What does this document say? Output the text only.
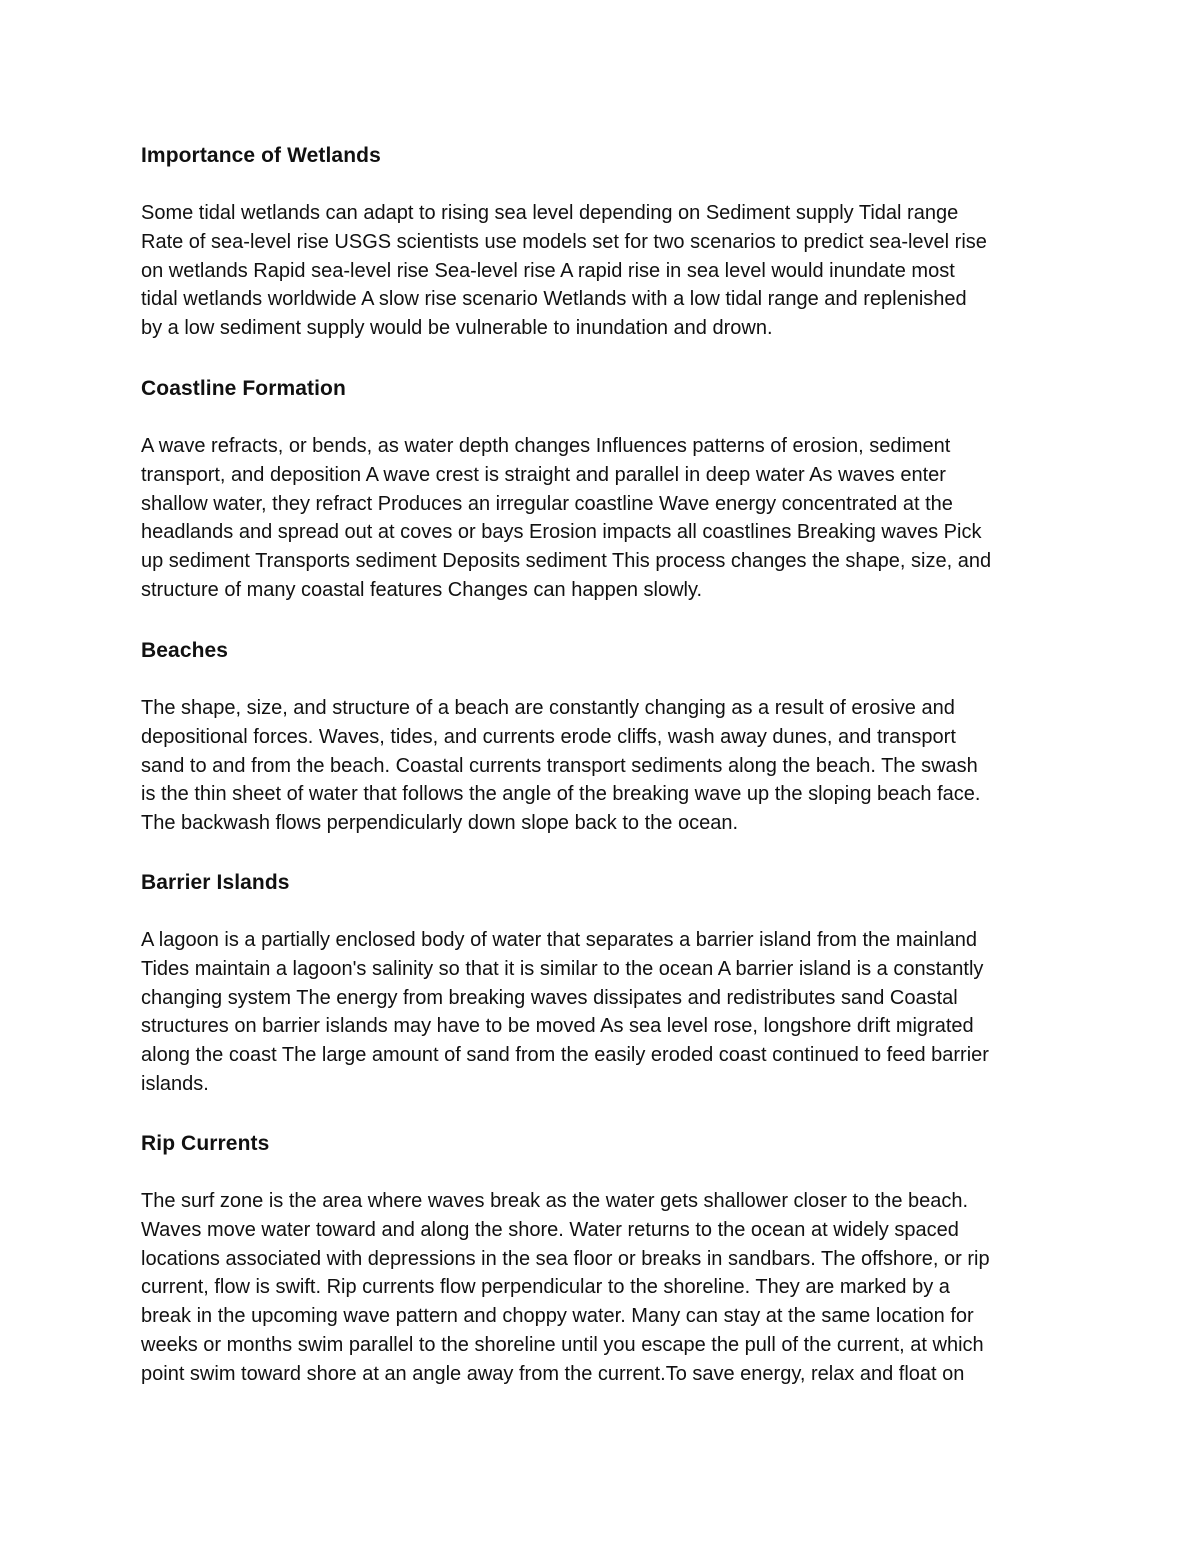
Importance of Wetlands

Some tidal wetlands can adapt to rising sea level depending on Sediment supply Tidal range
Rate of sea-level rise USGS scientists use models set for two scenarios to predict sea-level rise
on wetlands Rapid sea-level rise Sea-level rise A rapid rise in sea level would inundate most
tidal wetlands worldwide A slow rise scenario Wetlands with a low tidal range and replenished
by a low sediment supply would be vulnerable to inundation and drown.

Coastline Formation

A wave refracts, or bends, as water depth changes Influences patterns of erosion, sediment
transport, and deposition A wave crest is straight and parallel in deep water As waves enter
shallow water, they refract Produces an irregular coastline Wave energy concentrated at the
headlands and spread out at coves or bays Erosion impacts all coastlines Breaking waves Pick
up sediment Transports sediment Deposits sediment This process changes the shape, size, and
structure of many coastal features Changes can happen slowly.

Beaches

The shape, size, and structure of a beach are constantly changing as a result of erosive and
depositional forces. Waves, tides, and currents erode cliffs, wash away dunes, and transport
sand to and from the beach. Coastal currents transport sediments along the beach. The swash
is the thin sheet of water that follows the angle of the breaking wave up the sloping beach face.
The backwash flows perpendicularly down slope back to the ocean.

Barrier Islands

A lagoon is a partially enclosed body of water that separates a barrier island from the mainland
Tides maintain a lagoon's salinity so that it is similar to the ocean A barrier island is a constantly
changing system The energy from breaking waves dissipates and redistributes sand Coastal
structures on barrier islands may have to be moved As sea level rose, longshore drift migrated
along the coast The large amount of sand from the easily eroded coast continued to feed barrier
islands.

Rip Currents

The surf zone is the area where waves break as the water gets shallower closer to the beach.
Waves move water toward and along the shore. Water returns to the ocean at widely spaced
locations associated with depressions in the sea floor or breaks in sandbars. The offshore, or rip
current, flow is swift. Rip currents flow perpendicular to the shoreline. They are marked by a
break in the upcoming wave pattern and choppy water. Many can stay at the same location for
weeks or months swim parallel to the shoreline until you escape the pull of the current, at which
point swim toward shore at an angle away from the current.To save energy, relax and float on
